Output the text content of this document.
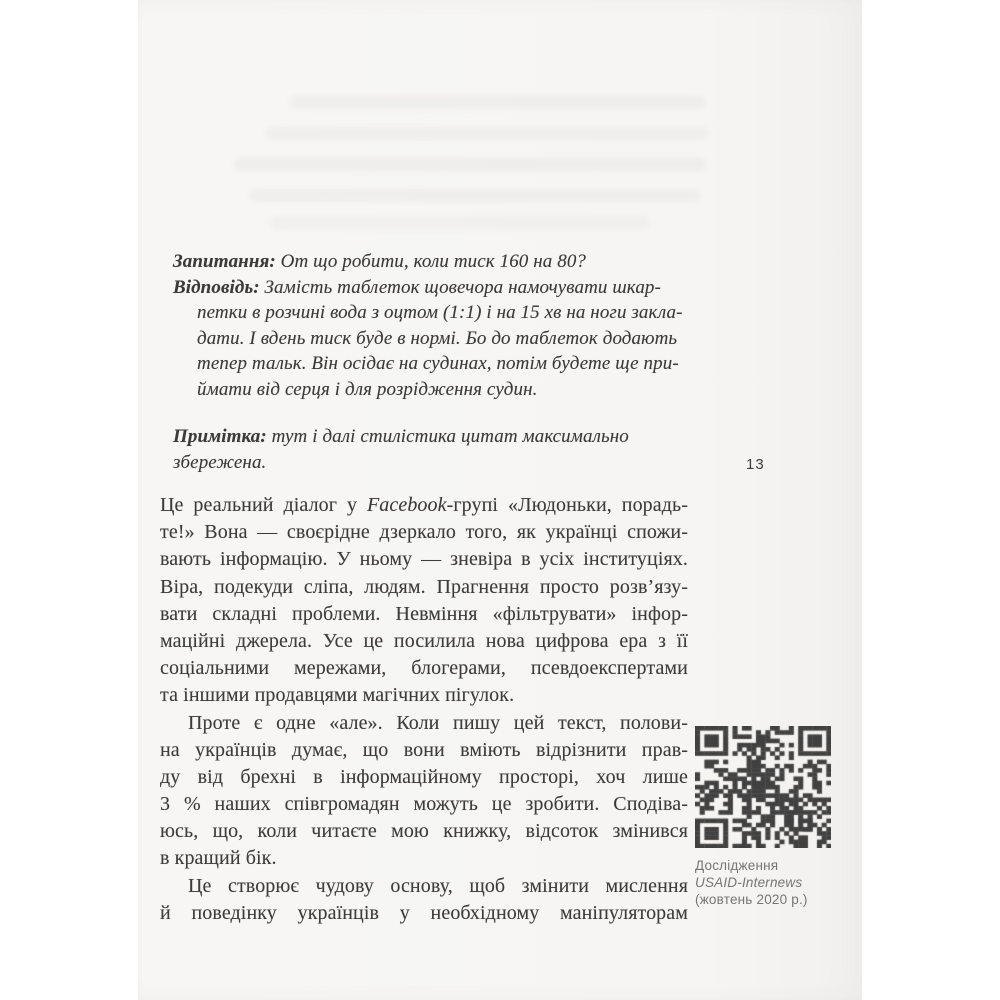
Запитання: От що робити, коли тиск 160 на 80?
Відповідь: Замість таблеток щовечора намочувати шкар-
петки в розчині вода з оцтом (1:1) і на 15 хв на ноги закла-
дати. І вдень тиск буде в нормі. Бо до таблеток додають
тепер тальк. Він осідає на судинах, потім будете ще при-
ймати від серця і для розрідження судин.
Примітка: тут і далі стилістика цитат максимально
збережена.	13
Це реальний діалог у Facebook-групі «Людоньки, порадь-
те!» Вона — своєрідне дзеркало того, як українці спожи-
вають інформацію. У ньому — зневіра в усіх інституціях.
Віра, подекуди сліпа, людям. Прагнення просто розв’язу-
вати складні проблеми. Невміння «фільтрувати» інфор-
маційні джерела. Усе це посилила нова цифрова ера з її
соціальними мережами, блогерами, псевдоекспертами
та іншими продавцями магічних пігулок.
Проте є одне «але». Коли пишу цей текст, полови-
на українців думає, що вони вміють відрізнити прав-
ду від брехні в інформаційному просторі, хоч лише
3 % наших співгромадян можуть це зробити. Сподіва-
юсь, що, коли читаєте мою книжку, відсоток змінився
в кращий бік.
Це створює чудову основу, щоб змінити мислення
й поведінку українців у необхідному маніпуляторам
Дослідження
USAID-Internews
(жовтень 2020 р.)
